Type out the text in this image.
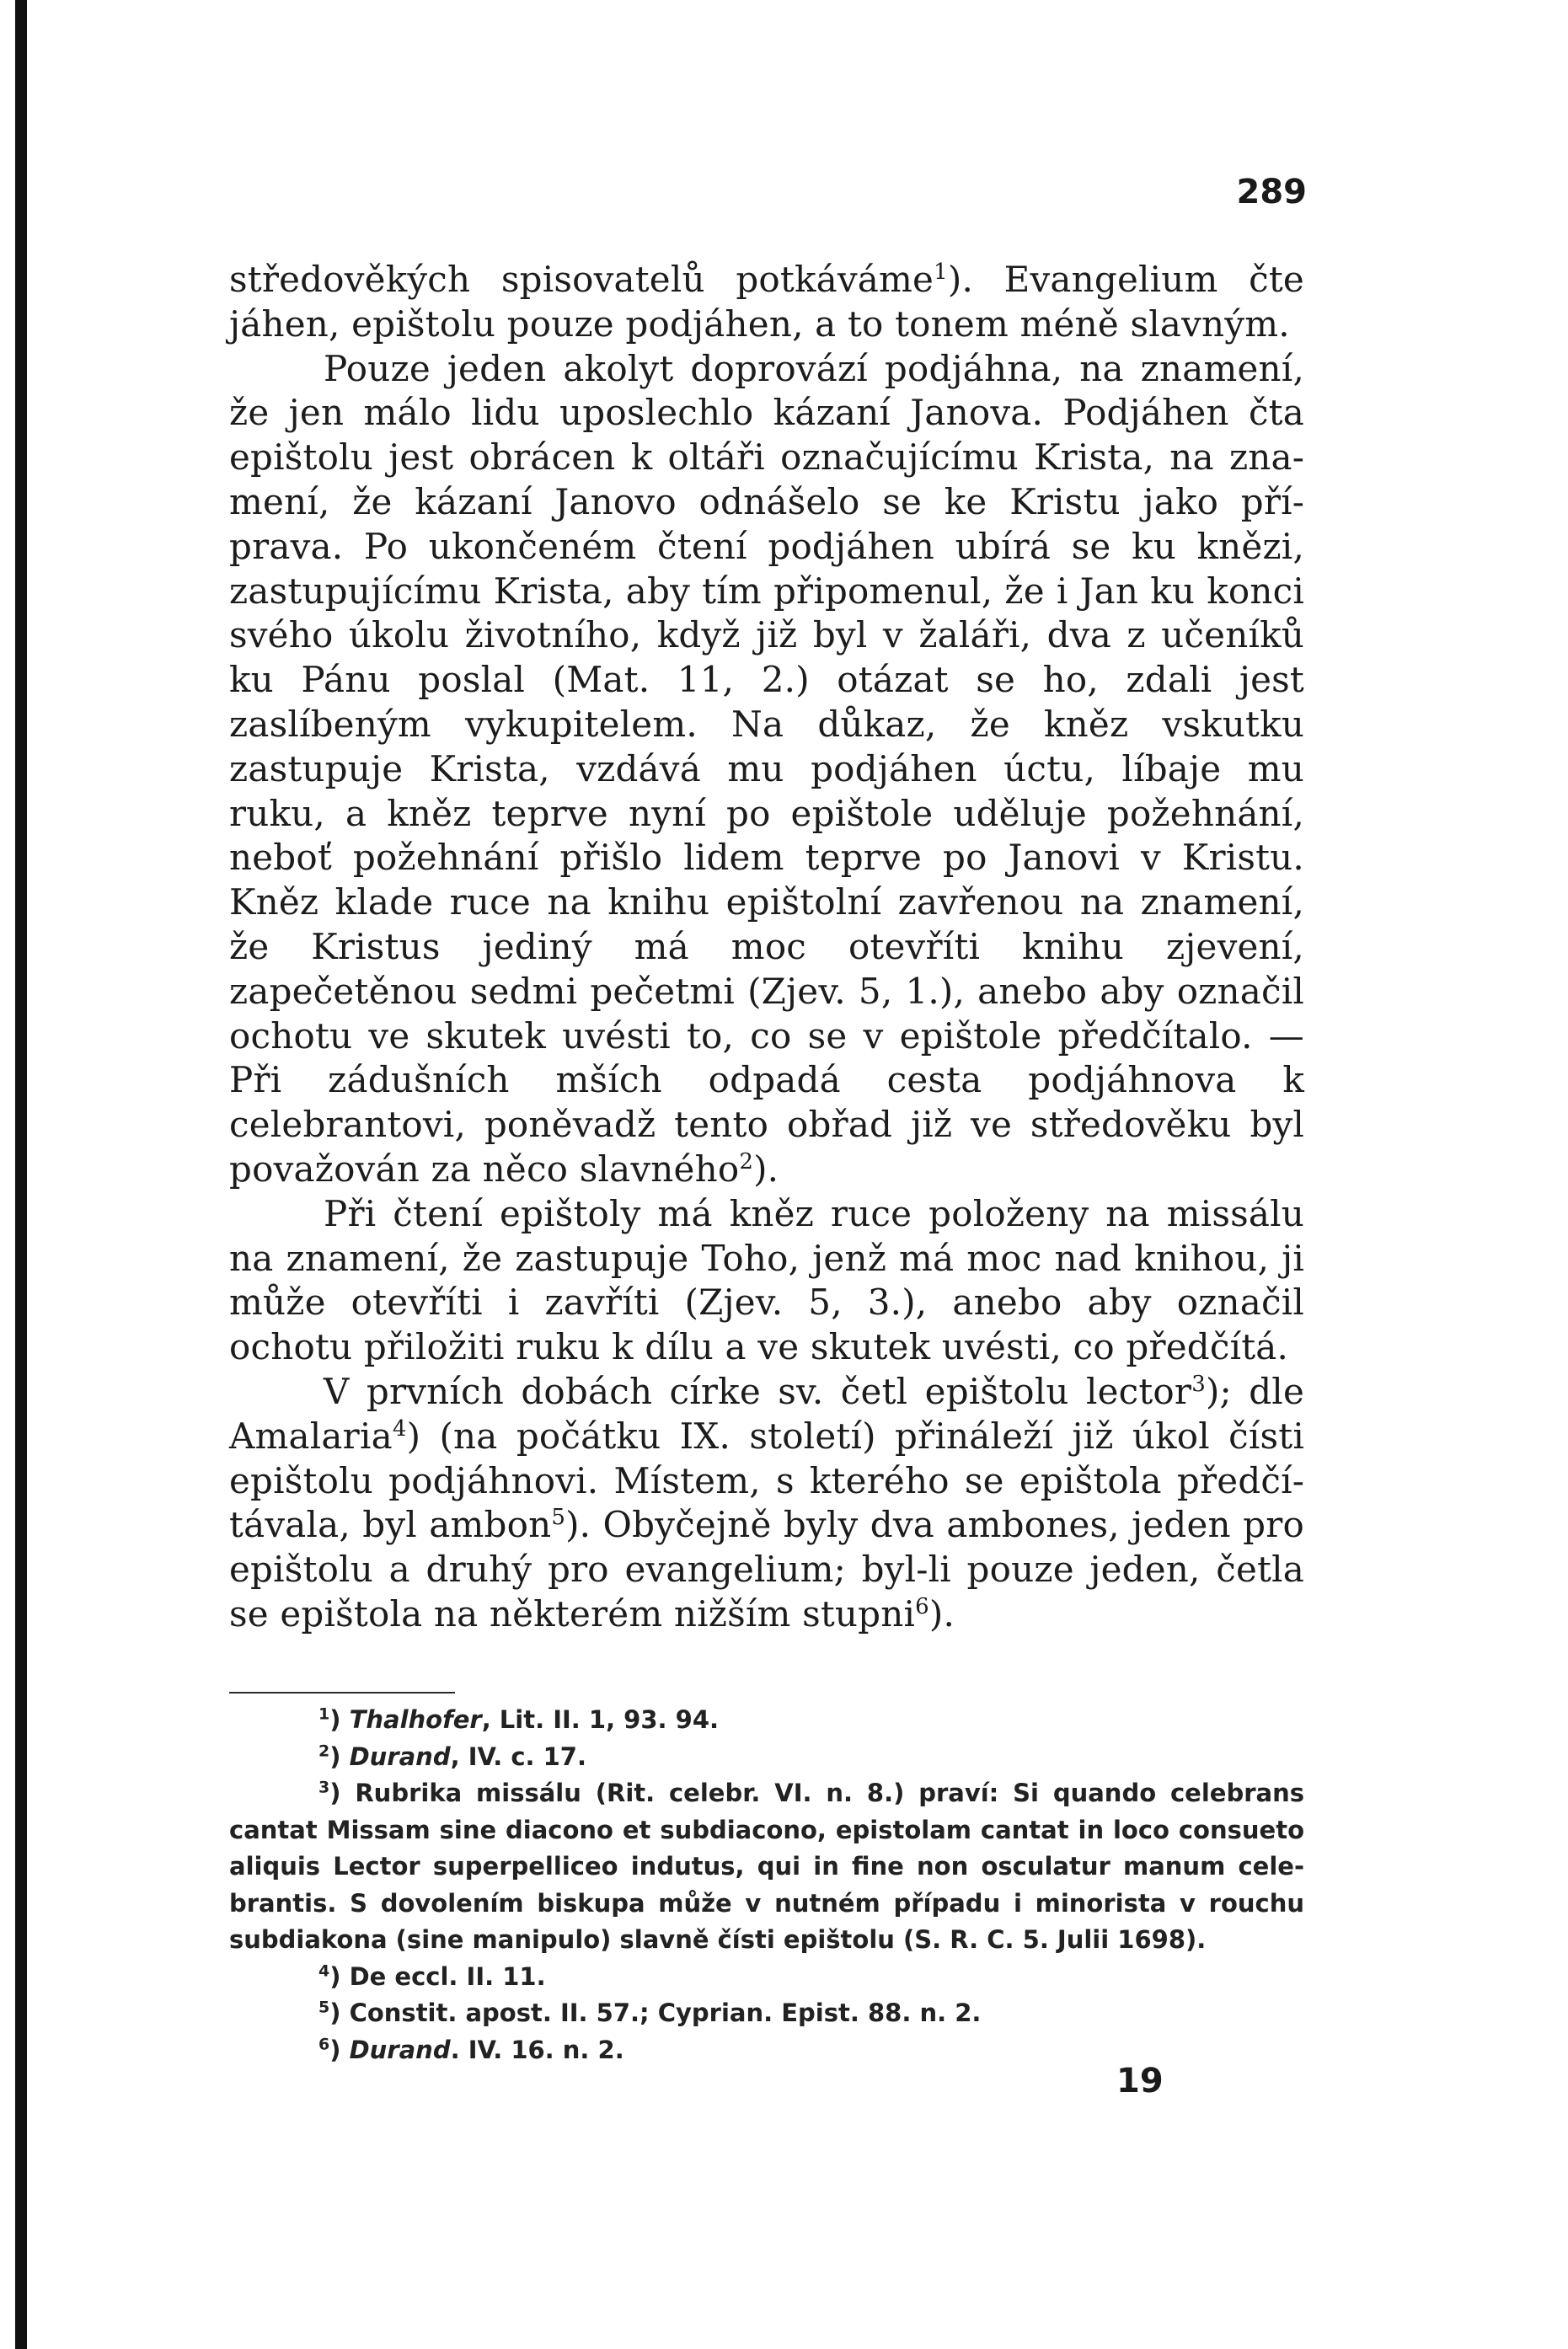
289

středověkých spisovatelů potkáváme$^1$). Evangelium čte jáhen, epištolu pouze podjáhen, a to tonem méně slavným.

Pouze jeden akolyt doprovází podjáhna, na znamení, že jen málo lidu uposlechlo kázaní Janova. Podjáhen čta epištolu jest obrácen k oltáři označujícímu Krista, na znamení, že kázaní Janovo odnášelo se ke Kristu jako příprava. Po ukončeném čtení podjáhen ubírá se ku knězi, zastupujícímu Krista, aby tím připomenul, že i Jan ku konci svého úkolu životního, když již byl v žaláři, dva z učeníků ku Pánu poslal (Mat. 11, 2.) otázat se ho, zdali jest zaslíbeným vykupitelem. Na důkaz, že kněz vskutku zastupuje Krista, vzdává mu podjáhen úctu, líbaje mu ruku, a kněz teprve nyní po epištole uděluje požehnání, neboť požehnání přišlo lidem teprve po Janovi v Kristu. Kněz klade ruce na knihu epištolní zavřenou na znamení, že Kristus jediný má moc otevříti knihu zjevení, zapečetěnou sedmi pečetmi (Zjev. 5, 1.), anebo aby označil ochotu ve skutek uvésti to, co se v epištole předčítalo. — Při zádušních mších odpadá cesta podjáhnova k celebrantovi, poněvadž tento obřad již ve středověku byl považován za něco slavného$^2$).

Při čtení epištoly má kněz ruce položeny na missálu na znamení, že zastupuje Toho, jenž má moc nad knihou, ji může otevříti i zavříti (Zjev. 5, 3.), anebo aby označil ochotu přiložiti ruku k dílu a ve skutek uvésti, co předčítá.

V prvních dobách círke sv. četl epištolu lector$^3$); dle Amalaria$^4$) (na počátku IX. století) přináleží již úkol čísti epištolu podjáhnovi. Místem, s kterého se epištola předčítávala, byl ambon$^5$). Obyčejně byly dva ambones, jeden pro epištolu a druhý pro evangelium; byl-li pouze jeden, četla se epištola na některém nižším stupni$^6$).

$^1$) Thalhofer, Lit. II. 1, 93. 94.

$^2$) Durand, IV. c. 17.

$^3$) Rubrika missálu (Rit. celebr. VI. n. 8.) praví: Si quando celebrans cantat Missam sine diacono et subdiacono, epistolam cantat in loco consueto aliquis Lector superpelliceo indutus, qui in fine non osculatur manum celebrantis. S dovolením biskupa může v nutném případu i minorista v rouchu subdiakona (sine manipulo) slavně čísti epištolu (S. R. C. 5. Julii 1698).

$^4$) De eccl. II. 11.

$^5$) Constit. apost. II. 57.; Cyprian. Epist. 88. n. 2.

$^6$) Durand. IV. 16. n. 2.

19
